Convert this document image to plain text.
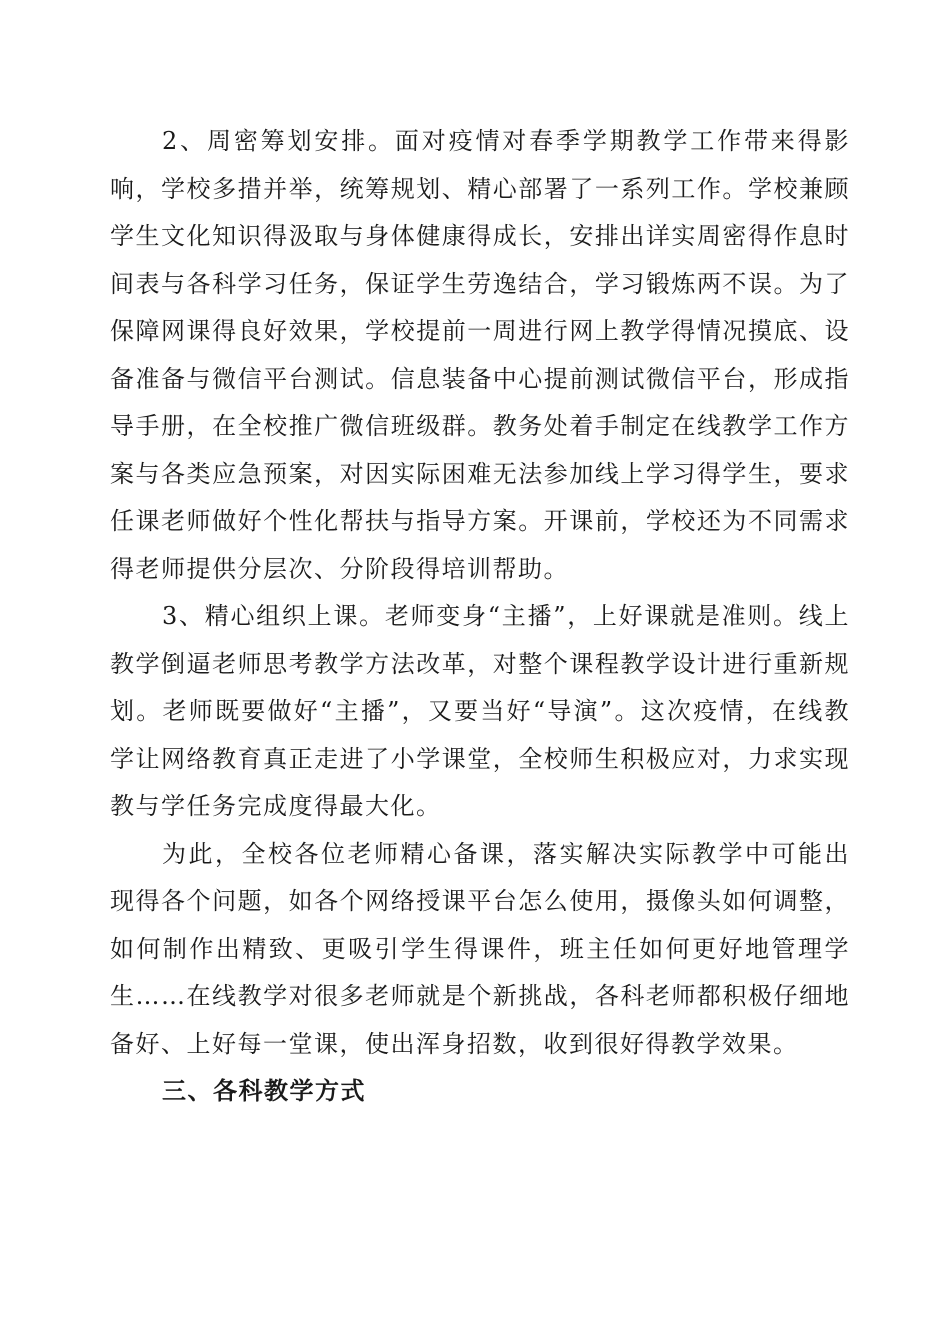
2、周密筹划安排。面对疫情对春季学期教学工作带来得影响，学校多措并举，统筹规划、精心部署了一系列工作。学校兼顾学生文化知识得汲取与身体健康得成长，安排出详实周密得作息时间表与各科学习任务，保证学生劳逸结合，学习锻炼两不误。为了保障网课得良好效果，学校提前一周进行网上教学得情况摸底、设备准备与微信平台测试。信息装备中心提前测试微信平台，形成指导手册，在全校推广微信班级群。教务处着手制定在线教学工作方案与各类应急预案，对因实际困难无法参加线上学习得学生，要求任课老师做好个性化帮扶与指导方案。开课前，学校还为不同需求得老师提供分层次、分阶段得培训帮助。

3、精心组织上课。老师变身“主播”，上好课就是准则。线上教学倒逼老师思考教学方法改革，对整个课程教学设计进行重新规划。老师既要做好“主播”，又要当好“导演”。这次疫情，在线教学让网络教育真正走进了小学课堂，全校师生积极应对，力求实现教与学任务完成度得最大化。

为此，全校各位老师精心备课，落实解决实际教学中可能出现得各个问题，如各个网络授课平台怎么使用，摄像头如何调整，如何制作出精致、更吸引学生得课件，班主任如何更好地管理学生……在线教学对很多老师就是个新挑战，各科老师都积极仔细地备好、上好每一堂课，使出浑身招数，收到很好得教学效果。

三、各科教学方式
